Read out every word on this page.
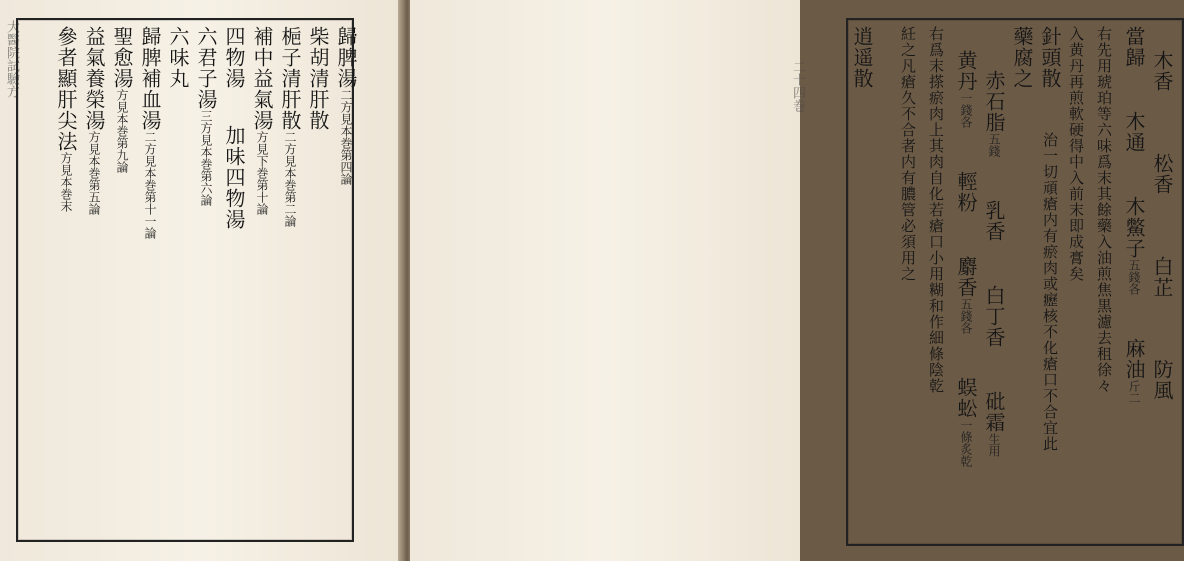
大醫院試驗方	歸脾湯二方見本巻第四論
柴胡清肝散
梔子清肝散二方見本巻第二論
補中益氣湯方見下巻第十論
四物湯加味四物湯
六君子湯三方見本巻第六論
六味丸
歸脾補血湯二方見本巻第十一論
聖愈湯方見本巻第九論
益氣養榮湯方見本巻第五論
參者顯肝尖法方見本巻末
二十四巻	木香 松香 白芷 防風
當歸 木通 木鱉子五錢各 麻油斤二
右先用琥珀等六味爲末其餘藥入油煎焦黒濾去租徐々
入黄丹再煎軟硬得中入前末即成膏矣
針頭散 治一切頑瘡内有瘀肉或癧核不化瘡口不合宜此
藥腐之
赤石脂五錢 乳香 白丁香 砒霜生用
黄丹一錢各 輕粉 麝香五錢各 蜈蚣一條炙乾
右爲末搽瘀肉上其肉自化若瘡口小用糊和作細條陰乾
紝之凡瘡久不合者内有膿管必須用之
逍遥散
